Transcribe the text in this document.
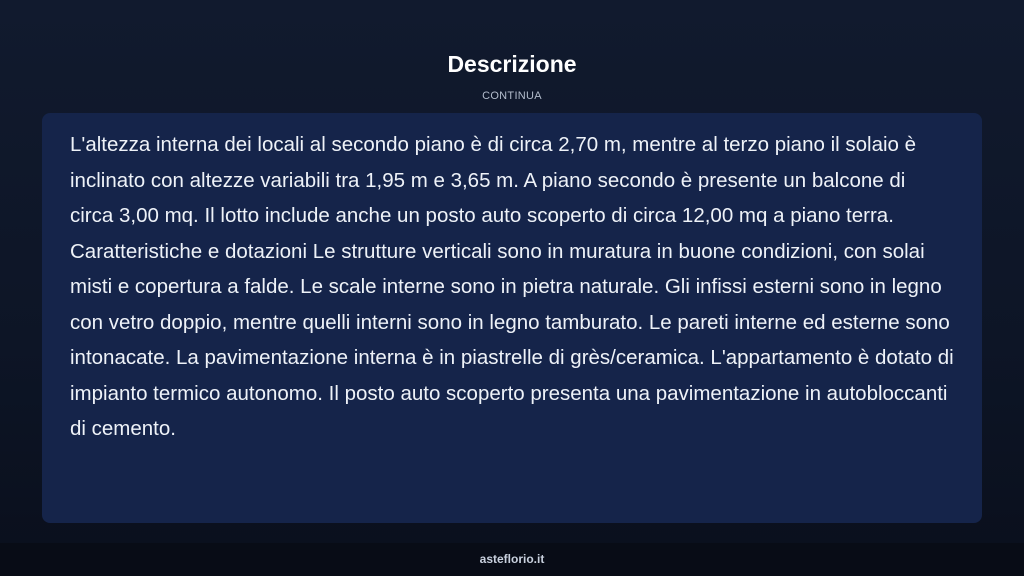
Descrizione
CONTINUA

L'altezza interna dei locali al secondo piano è di circa 2,70 m, mentre al terzo piano il solaio è inclinato con altezze variabili tra 1,95 m e 3,65 m. A piano secondo è presente un balcone di circa 3,00 mq. Il lotto include anche un posto auto scoperto di circa 12,00 mq a piano terra. Caratteristiche e dotazioni Le strutture verticali sono in muratura in buone condizioni, con solai misti e copertura a falde. Le scale interne sono in pietra naturale. Gli infissi esterni sono in legno con vetro doppio, mentre quelli interni sono in legno tamburato. Le pareti interne ed esterne sono intonacate. La pavimentazione interna è in piastrelle di grès/ceramica. L'appartamento è dotato di impianto termico autonomo. Il posto auto scoperto presenta una pavimentazione in autobloccanti di cemento.

asteflorio.it
